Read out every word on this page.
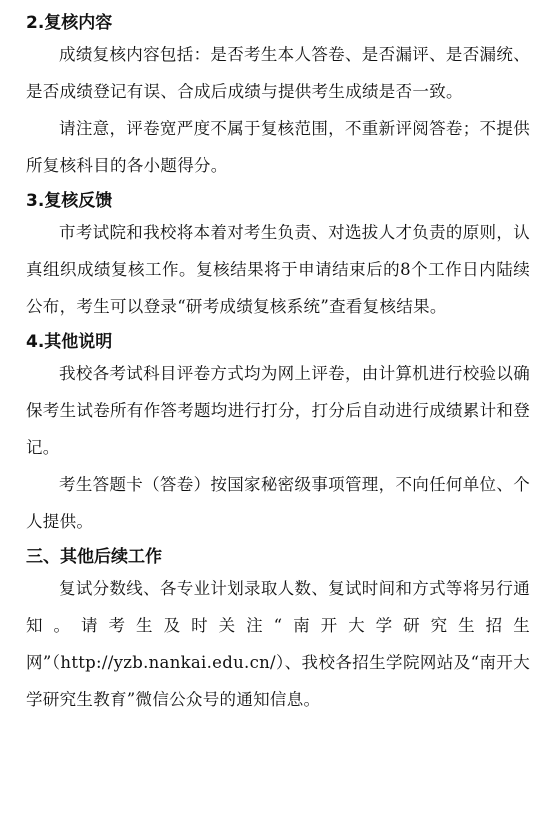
2.复核内容

成绩复核内容包括：是否考生本人答卷、是否漏评、是否漏统、是否成绩登记有误、合成后成绩与提供考生成绩是否一致。

请注意，评卷宽严度不属于复核范围，不重新评阅答卷；不提供所复核科目的各小题得分。

3.复核反馈

市考试院和我校将本着对考生负责、对选拔人才负责的原则，认真组织成绩复核工作。复核结果将于申请结束后的8个工作日内陆续公布，考生可以登录“研考成绩复核系统”查看复核结果。

4.其他说明

我校各考试科目评卷方式均为网上评卷，由计算机进行校验以确保考生试卷所有作答考题均进行打分，打分后自动进行成绩累计和登记。

考生答题卡（答卷）按国家秘密级事项管理，不向任何单位、个人提供。

三、其他后续工作

复试分数线、各专业计划录取人数、复试时间和方式等将另行通知。请考生及时关注“南开大学研究生招生网”（http://yzb.nankai.edu.cn/）、我校各招生学院网站及“南开大学研究生教育”微信公众号的通知信息。
